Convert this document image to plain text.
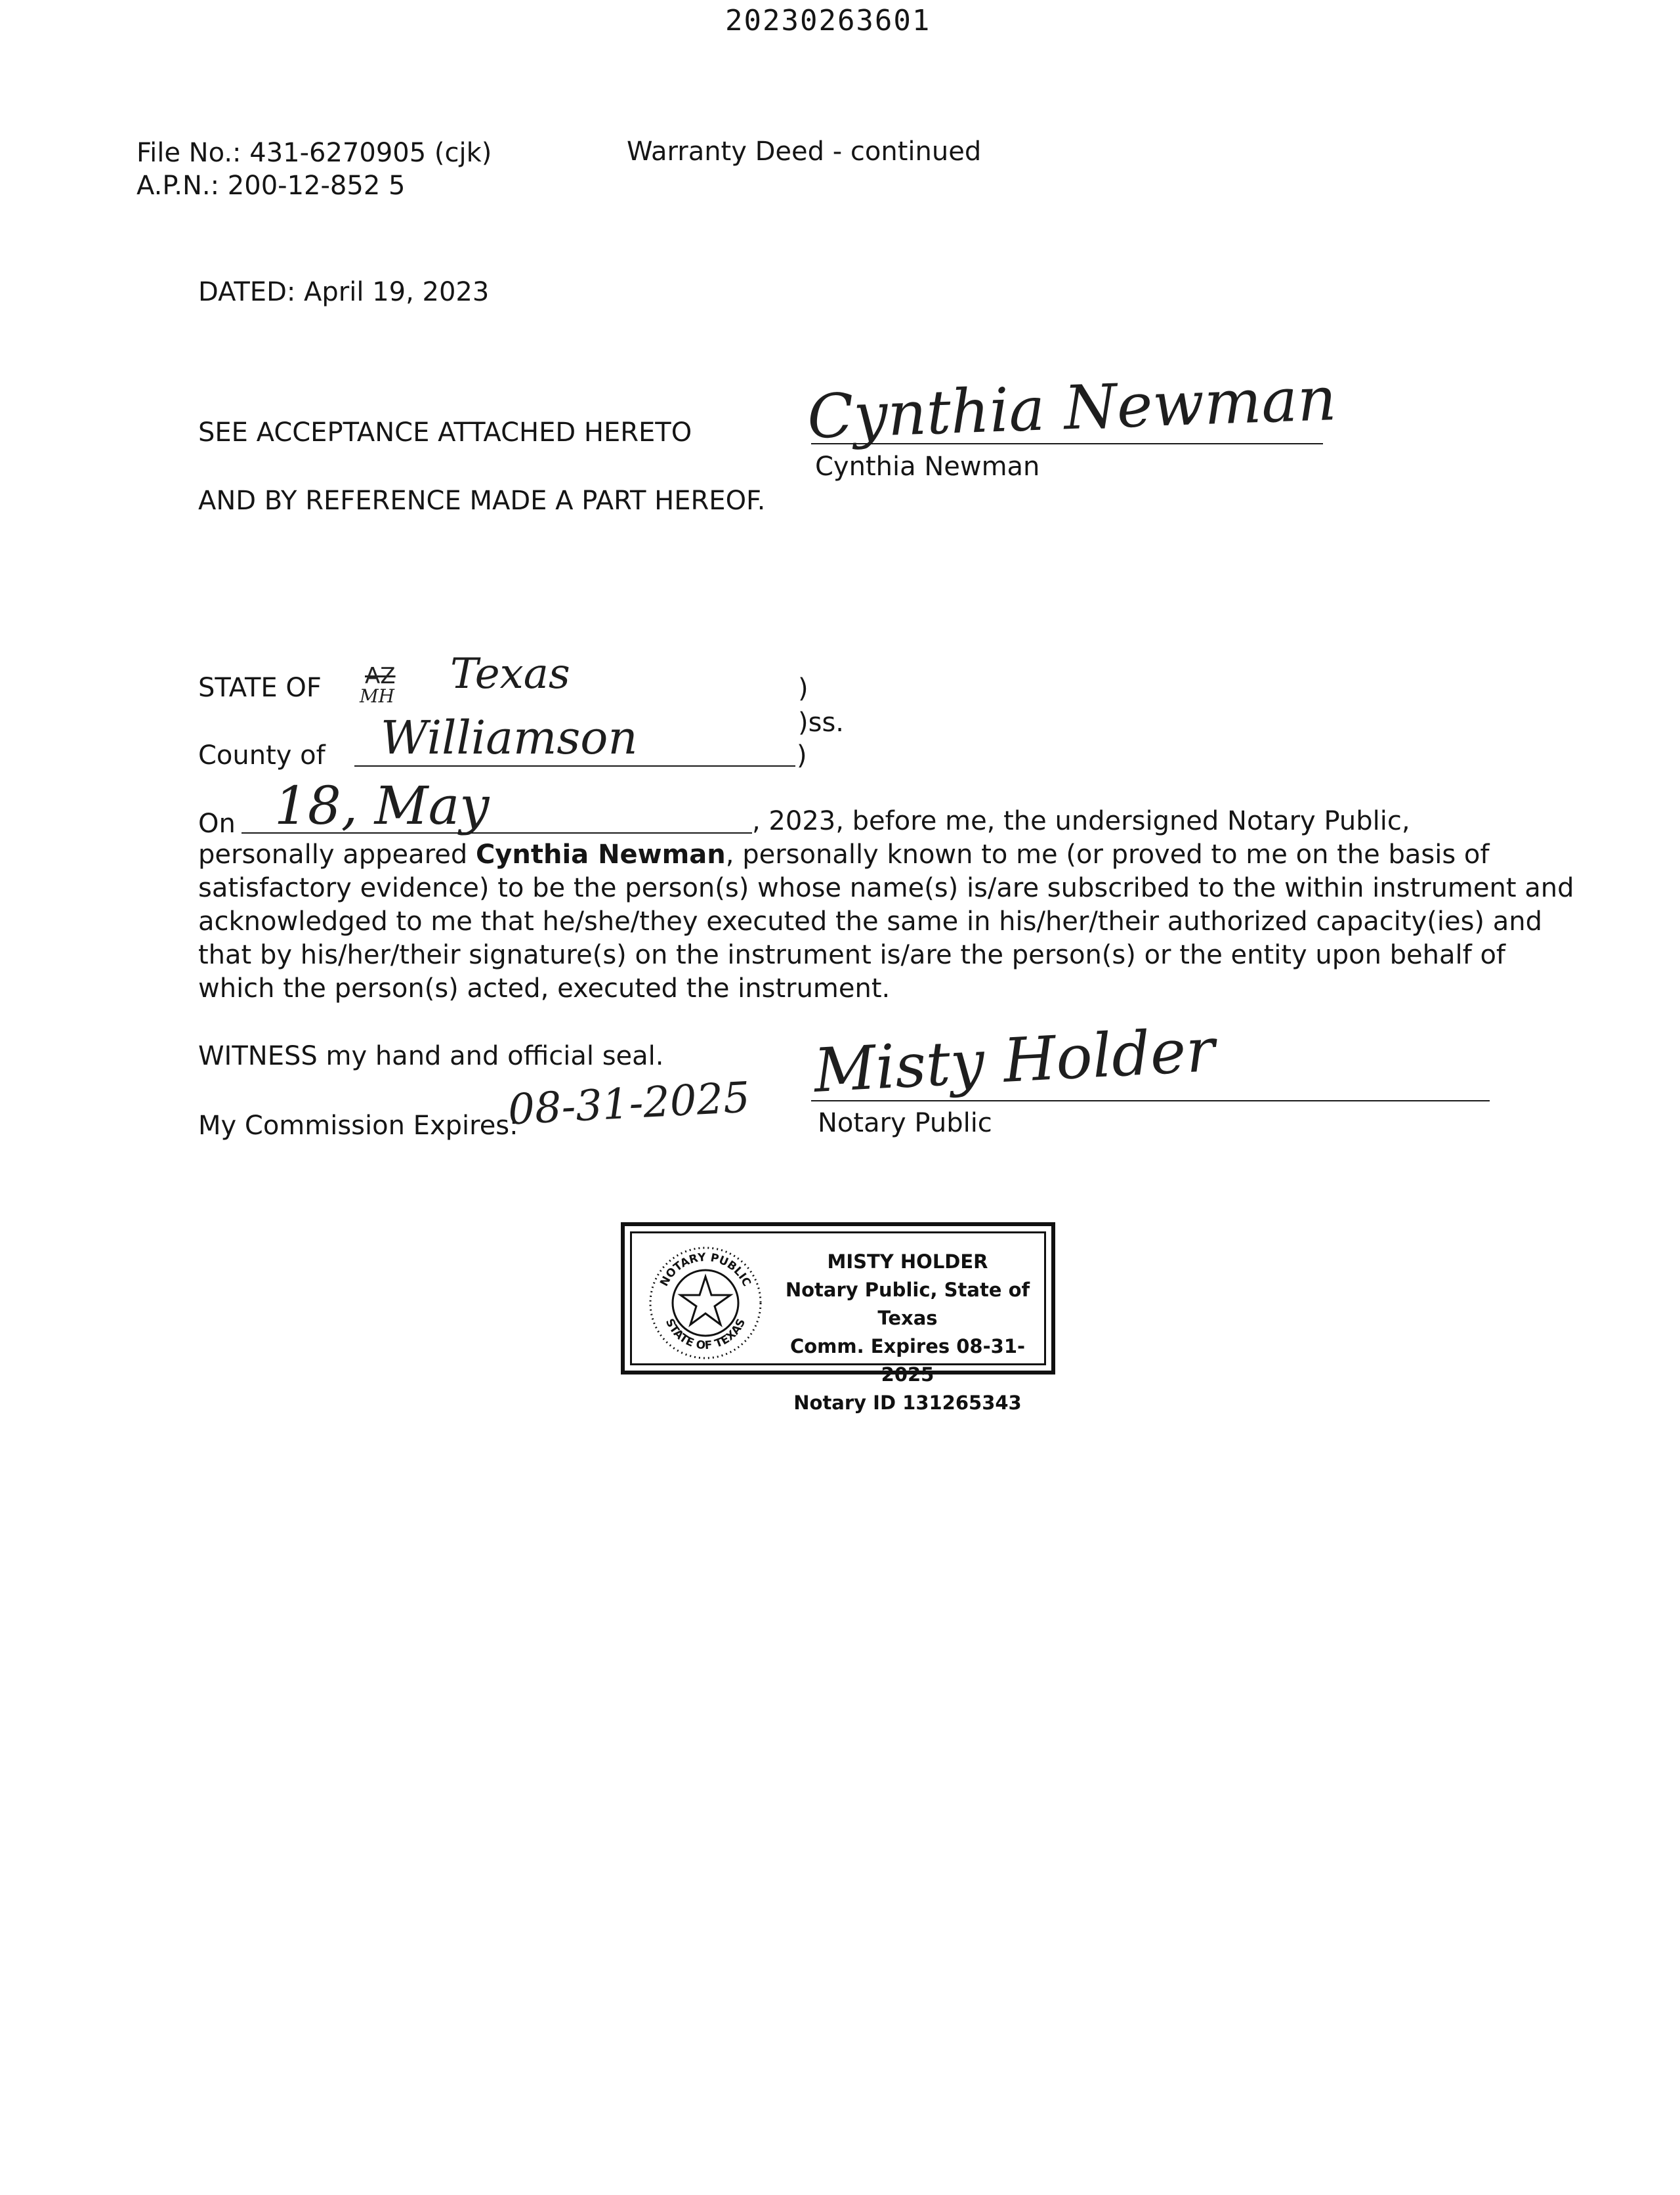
20230263601
File No.: 431-6270905 (cjk)
A.P.N.: 200-12-852 5
Warranty Deed - continued
DATED: April 19, 2023
SEE ACCEPTANCE ATTACHED HERETO
AND BY REFERENCE MADE A PART HEREOF.
Cynthia Newman
Cynthia Newman
STATE OF AZ
MH Texas	)
)ss.
County of Williamson	)
On 18, May	, 2023, before me, the undersigned Notary Public,
personally appeared Cynthia Newman, personally known to me (or proved to me on the basis of
satisfactory evidence) to be the person(s) whose name(s) is/are subscribed to the within instrument and
acknowledged to me that he/she/they executed the same in his/her/their authorized capacity(ies) and
that by his/her/their signature(s) on the instrument is/are the person(s) or the entity upon behalf of
which the person(s) acted, executed the instrument.
WITNESS my hand and official seal.
My Commission Expires:
08-31-2025 Misty Holder
Notary Public
NOTARY PUBLIC
STATE OF TEXAS
MISTY HOLDER
Notary Public, State of Texas
Comm. Expires 08-31-2025
Notary ID 131265343
